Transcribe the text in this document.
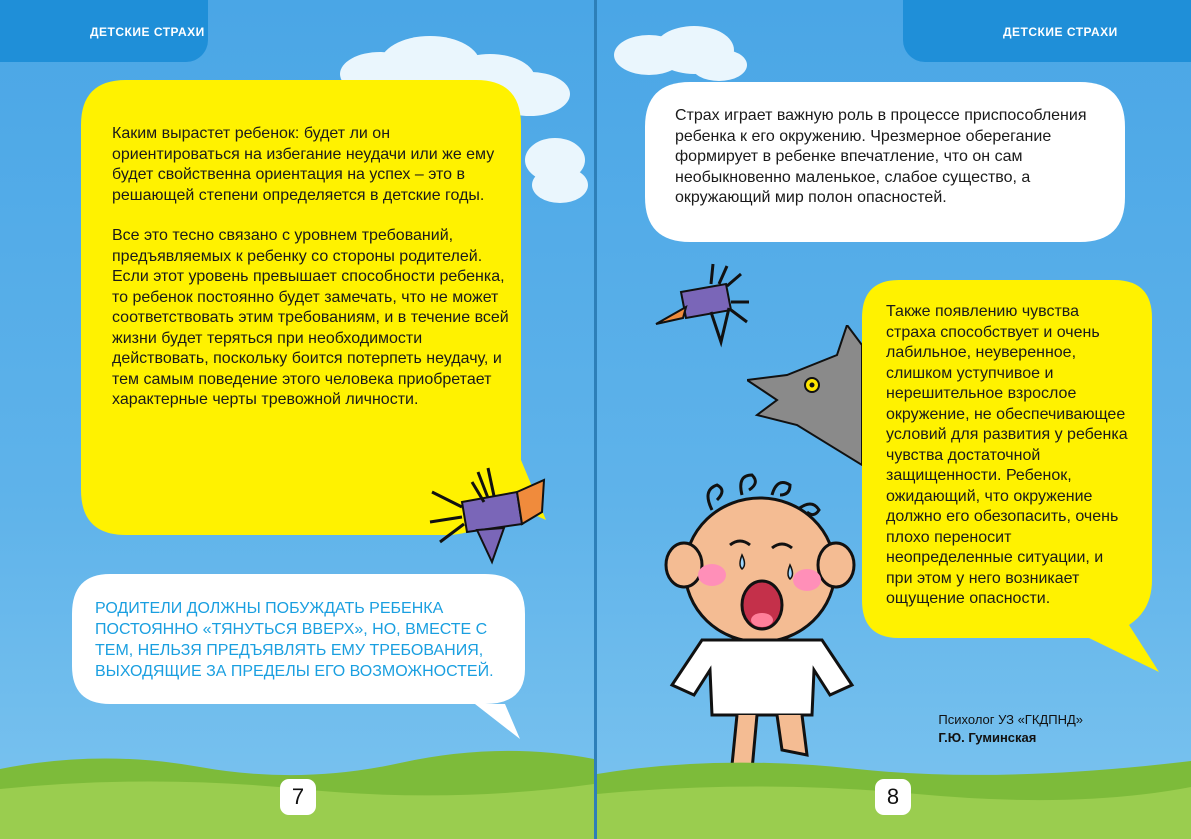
ДЕТСКИЕ СТРАХИ

Каким вырастет ребенок: будет ли он ориентироваться на избегание неудачи или же ему будет свойственна ориентация на успех – это в решающей степени определяется в детские годы.

Все это тесно связано с уровнем требований, предъявляемых к ребенку со стороны родителей. Если этот уровень превышает способности ребенка, то ребенок постоянно будет замечать, что не может соответствовать этим требованиям, и в течение всей жизни будет теряться при необходимости действовать, поскольку боится потерпеть неудачу, и тем самым поведение этого человека приобретает характерные черты тревожной личности.

РОДИТЕЛИ ДОЛЖНЫ ПОБУЖДАТЬ РЕБЕНКА ПОСТОЯННО «ТЯНУТЬСЯ ВВЕРХ», НО, ВМЕСТЕ С ТЕМ, НЕЛЬЗЯ ПРЕДЪЯВЛЯТЬ ЕМУ ТРЕБОВАНИЯ, ВЫХОДЯЩИЕ ЗА ПРЕДЕЛЫ ЕГО ВОЗМОЖНОСТЕЙ.
7
ДЕТСКИЕ СТРАХИ
Страх играет важную роль в процессе приспособления ребенка к его окружению. Чрезмерное оберегание формирует в ребенке впечатление, что он сам необыкновенно маленькое, слабое существо, а окружающий мир полон опасностей.
Также появлению чувства страха способствует и очень лабильное, неуверенное, слишком уступчивое и нерешительное взрослое окружение, не обеспечивающее условий для развития у ребенка чувства достаточной защищенности. Ребенок, ожидающий, что окружение должно его обезопасить, очень плохо переносит неопределенные ситуации, и при этом у него возникает ощущение опасности.
Психолог УЗ «ГКДПНД»
Г.Ю. Гуминская
8
